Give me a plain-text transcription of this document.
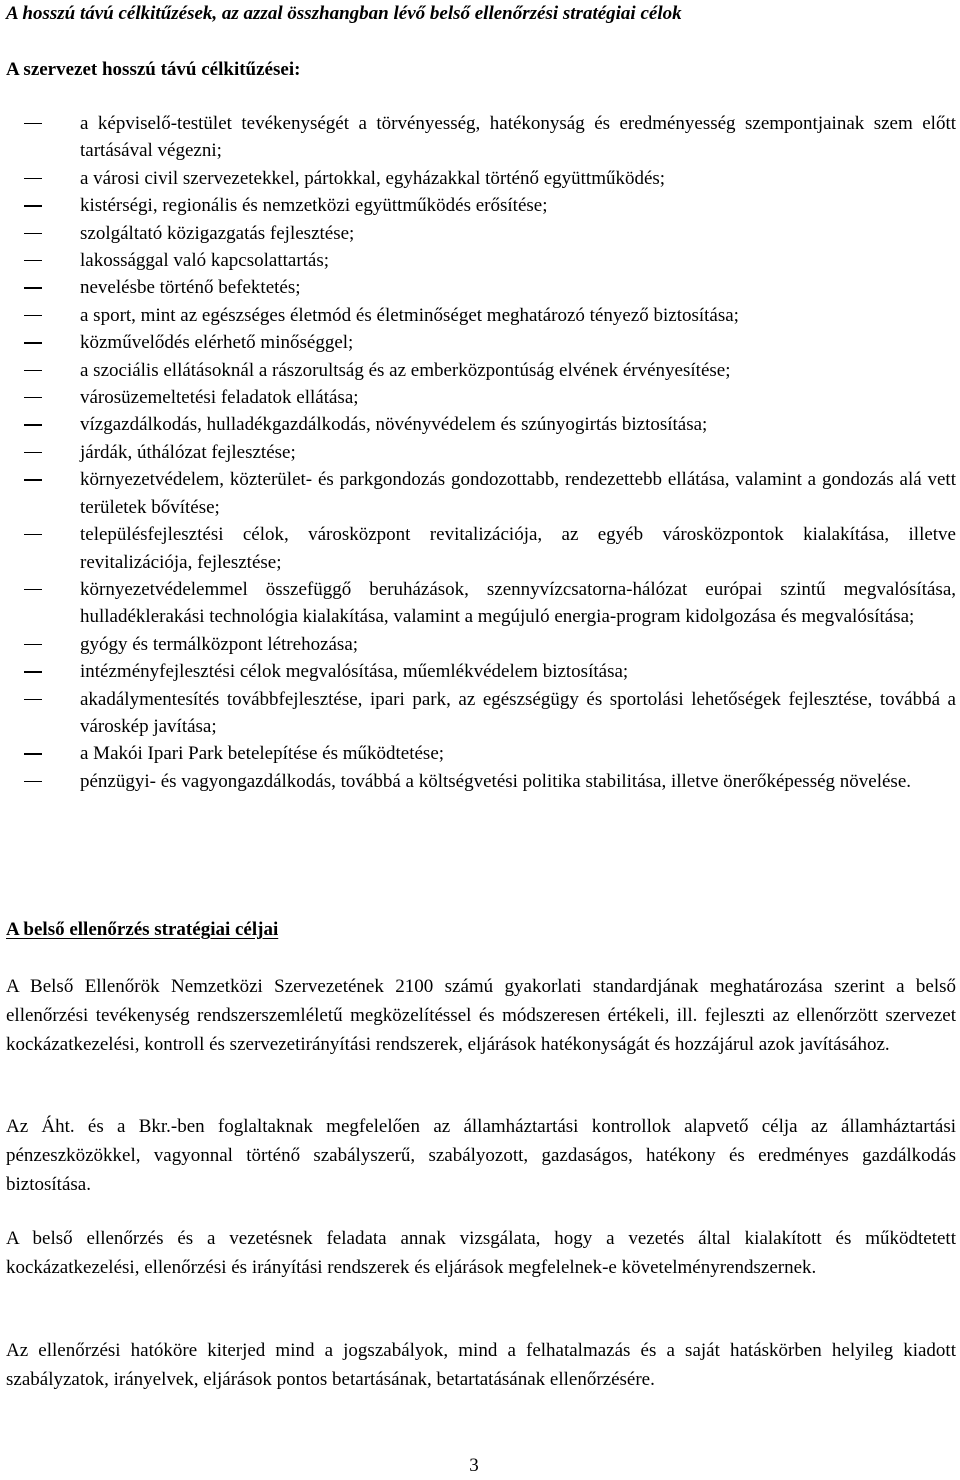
A hosszú távú célkitűzések, az azzal összhangban lévő belső ellenőrzési stratégiai célok
A szervezet hosszú távú célkitűzései:
a képviselő-testület tevékenységét a törvényesség, hatékonyság és eredményesség szempontjainak szem előtt tartásával végezni;
a városi civil szervezetekkel, pártokkal, egyházakkal történő együttműködés;
kistérségi, regionális és nemzetközi együttműködés erősítése;
szolgáltató közigazgatás fejlesztése;
lakossággal való kapcsolattartás;
nevelésbe történő befektetés;
a sport, mint az egészséges életmód és életminőséget meghatározó tényező biztosítása;
közművelődés elérhető minőséggel;
a szociális ellátásoknál a rászorultság és az emberközpontúság elvének érvényesítése;
városüzemeltetési feladatok ellátása;
vízgazdálkodás, hulladékgazdálkodás, növényvédelem és szúnyogirtás biztosítása;
járdák, úthálózat fejlesztése;
környezetvédelem, közterület- és parkgondozás gondozottabb, rendezettebb ellátása, valamint a gondozás alá vett területek bővítése;
településfejlesztési célok, városközpont revitalizációja, az egyéb városközpontok kialakítása, illetve revitalizációja, fejlesztése;
környezetvédelemmel összefüggő beruházások, szennyvízcsatorna-hálózat európai szintű megvalósítása, hulladéklerakási technológia kialakítása, valamint a megújuló energia-program kidolgozása és megvalósítása;
gyógy és termálközpont létrehozása;
intézményfejlesztési célok megvalósítása, műemlékvédelem biztosítása;
akadálymentesítés továbbfejlesztése, ipari park, az egészségügy és sportolási lehetőségek fejlesztése, továbbá a városkép javítása;
a Makói Ipari Park betelepítése és működtetése;
pénzügyi- és vagyongazdálkodás, továbbá a költségvetési politika stabilitása, illetve önerőképesség növelése.
A belső ellenőrzés stratégiai céljai

A Belső Ellenőrök Nemzetközi Szervezetének 2100 számú gyakorlati standardjának meghatározása szerint a belső ellenőrzési tevékenység rendszerszemléletű megközelítéssel és módszeresen értékeli, ill. fejleszti az ellenőrzött szervezet kockázatkezelési, kontroll és szervezetirányítási rendszerek, eljárások hatékonyságát és hozzájárul azok javításához.

Az Áht. és a Bkr.-ben foglaltaknak megfelelően az államháztartási kontrollok alapvető célja az államháztartási pénzeszközökkel, vagyonnal történő szabályszerű, szabályozott, gazdaságos, hatékony és eredményes gazdálkodás biztosítása.

A belső ellenőrzés és a vezetésnek feladata annak vizsgálata, hogy a vezetés által kialakított és működtetett kockázatkezelési, ellenőrzési és irányítási rendszerek és eljárások megfelelnek-e követelményrendszernek.

Az ellenőrzési hatóköre kiterjed mind a jogszabályok, mind a felhatalmazás és a saját hatáskörben helyileg kiadott szabályzatok, irányelvek, eljárások pontos betartásának, betartatásának ellenőrzésére.

3
